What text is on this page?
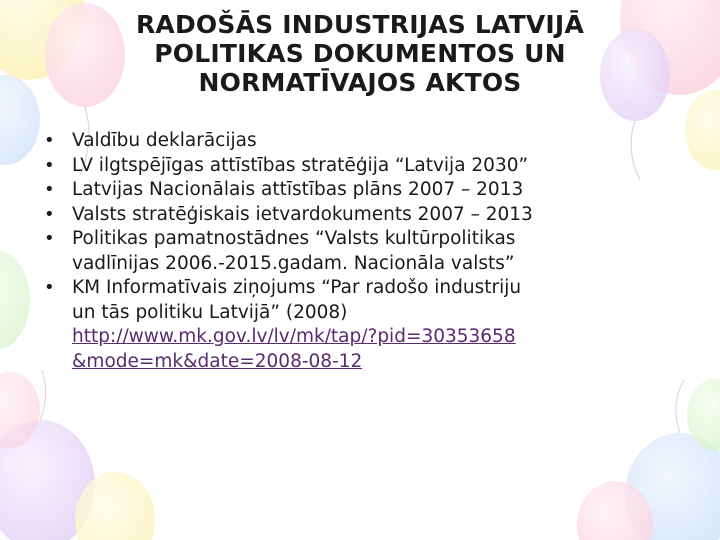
RADOŠĀS INDUSTRIJAS LATVIJĀ
POLITIKAS DOKUMENTOS UN
NORMATĪVAJOS AKTOS
• Valdību deklarācijas
• LV ilgtspējīgas attīstības stratēģija “Latvija 2030”
• Latvijas Nacionālais attīstības plāns 2007 – 2013
• Valsts stratēģiskais ietvardokuments 2007 – 2013
• Politikas pamatnostādnes “Valsts kultūrpolitikas
vadlīnijas 2006.-2015.gadam. Nacionāla valsts”
• KM Informatīvais ziņojums “Par radošo industriju
un tās politiku Latvijā” (2008)
http://www.mk.gov.lv/lv/mk/tap/?pid=30353658
&mode=mk&date=2008-08-12
